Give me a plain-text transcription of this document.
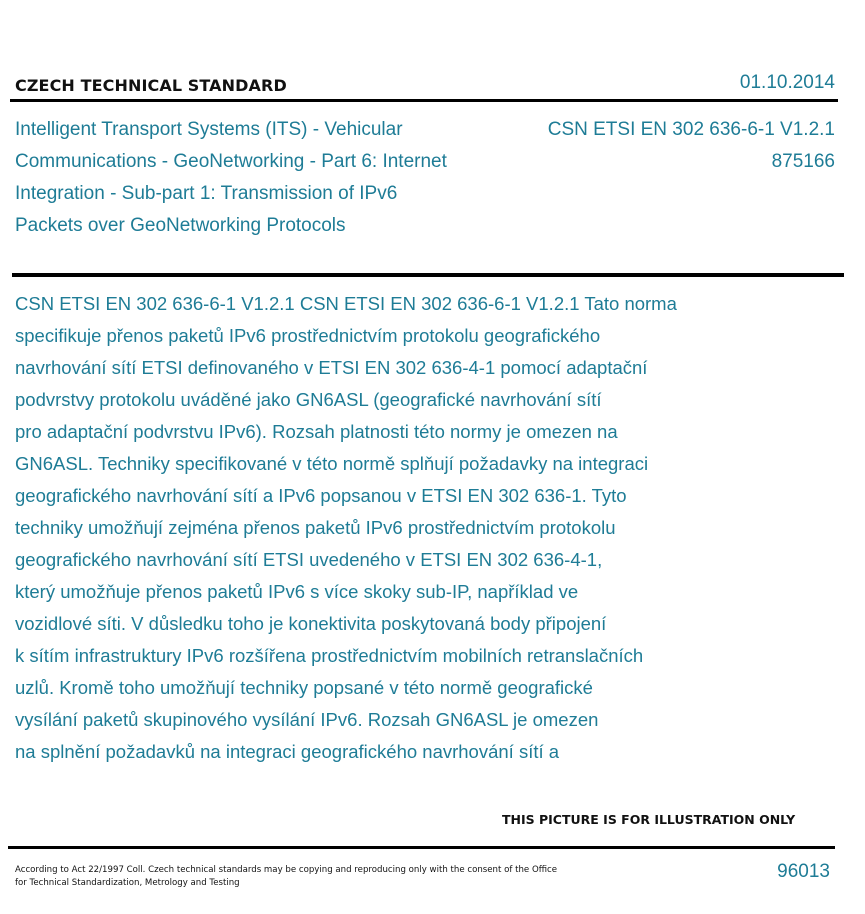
CZECH TECHNICAL STANDARD	01.10.2014
Intelligent Transport Systems (ITS) - Vehicular
Communications - GeoNetworking - Part 6: Internet
Integration - Sub-part 1: Transmission of IPv6
Packets over GeoNetworking Protocols
CSN ETSI EN 302 636-6-1 V1.2.1
875166
CSN ETSI EN 302 636-6-1 V1.2.1 CSN ETSI EN 302 636-6-1 V1.2.1 Tato norma
specifikuje přenos paketů IPv6 prostřednictvím protokolu geografického
navrhování sítí ETSI definovaného v ETSI EN 302 636-4-1 pomocí adaptační
podvrstvy protokolu uváděné jako GN6ASL (geografické navrhování sítí
pro adaptační podvrstvu IPv6). Rozsah platnosti této normy je omezen na
GN6ASL. Techniky specifikované v této normě splňují požadavky na integraci
geografického navrhování sítí a IPv6 popsanou v ETSI EN 302 636-1. Tyto
techniky umožňují zejména přenos paketů IPv6 prostřednictvím protokolu
geografického navrhování sítí ETSI uvedeného v ETSI EN 302 636-4-1,
který umožňuje přenos paketů IPv6 s více skoky sub-IP, například ve
vozidlové síti. V důsledku toho je konektivita poskytovaná body připojení
k sítím infrastruktury IPv6 rozšířena prostřednictvím mobilních retranslačních
uzlů. Kromě toho umožňují techniky popsané v této normě geografické
vysílání paketů skupinového vysílání IPv6. Rozsah GN6ASL je omezen
na splnění požadavků na integraci geografického navrhování sítí a
THIS PICTURE IS FOR ILLUSTRATION ONLY
According to Act 22/1997 Coll. Czech technical standards may be copying and reproducing only with the consent of the Office
for Technical Standardization, Metrology and Testing
96013
